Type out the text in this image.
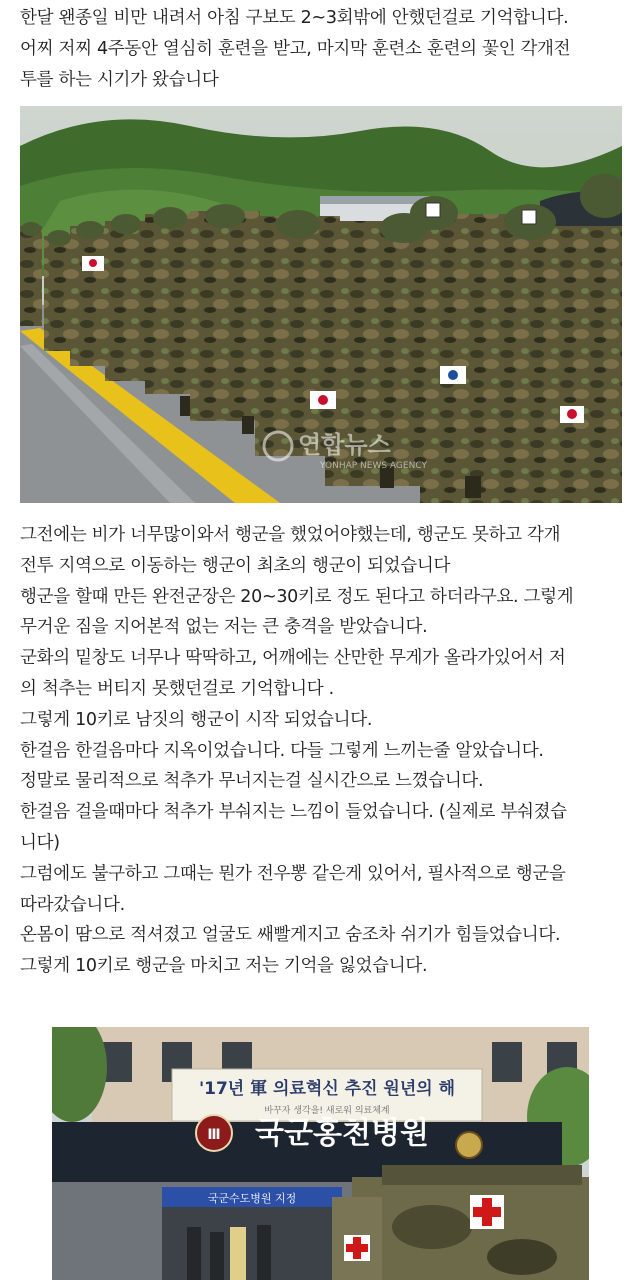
한달 왠종일 비만 내려서 아침 구보도 2~3회밖에 안했던걸로 기억합니다.

어찌 저찌 4주동안 열심히 훈련을 받고, 마지막 훈련소 훈련의 꽃인 각개전

투를 하는 시기가 왔습니다

연합뉴스
YONHAP NEWS AGENCY

그전에는 비가 너무많이와서 행군을 했었어야했는데, 행군도 못하고 각개

전투 지역으로 이동하는 행군이 최초의 행군이 되었습니다

행군을 할때 만든 완전군장은 20~30키로 정도 된다고 하더라구요. 그렇게

무거운 짐을 지어본적 없는 저는 큰 충격을 받았습니다.

군화의 밑창도 너무나 딱딱하고, 어깨에는 산만한 무게가 올라가있어서 저

의 척추는 버티지 못했던걸로 기억합니다 .

그렇게 10키로 남짓의 행군이 시작 되었습니다.

한걸음 한걸음마다 지옥이었습니다. 다들 그렇게 느끼는줄 알았습니다.

정말로 물리적으로 척추가 무너지는걸 실시간으로 느꼈습니다.

한걸음 걸을때마다 척추가 부숴지는 느낌이 들었습니다. (실제로 부숴졌습

니다)

그럼에도 불구하고 그때는 뭔가 전우뽕 같은게 있어서, 필사적으로 행군을

따라갔습니다.

온몸이 땀으로 적셔졌고 얼굴도 쌔빨게지고 숨조차 쉬기가 힘들었습니다.

그렇게 10키로 행군을 마치고 저는 기억을 잃었습니다.

'17년 軍 의료혁신 추진 원년의 해
바꾸자 생각을! 새로워 의료체계
Ⅲ 국군홍천병원
국군수도병원 지정
